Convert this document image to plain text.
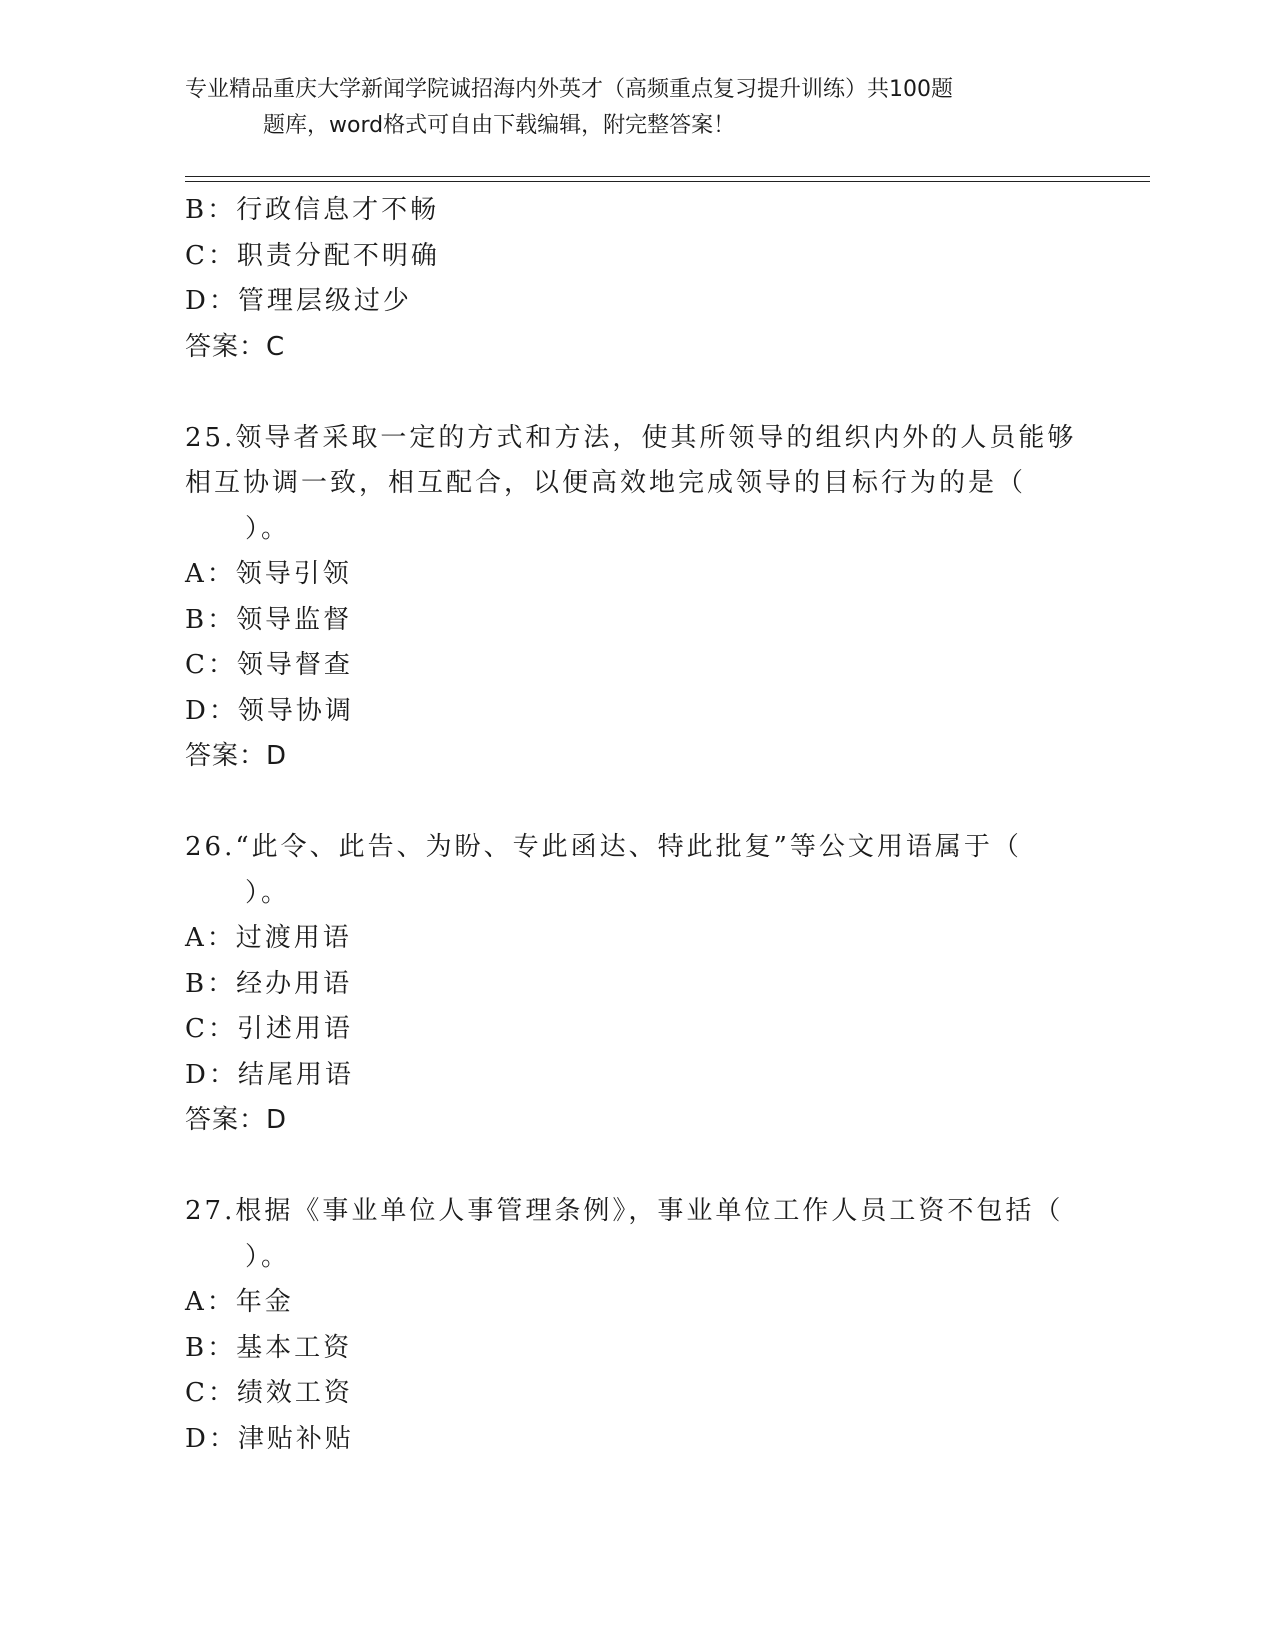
专业精品重庆大学新闻学院诚招海内外英才（高频重点复习提升训练）共100题
题库，word格式可自由下载编辑，附完整答案！
B：行政信息才不畅
C：职责分配不明确
D：管理层级过少
答案：C
25.领导者采取一定的方式和方法，使其所领导的组织内外的人员能够
相互协调一致，相互配合，以便高效地完成领导的目标行为的是（
）。
A：领导引领
B：领导监督
C：领导督查
D：领导协调
答案：D
26.“此令、此告、为盼、专此函达、特此批复”等公文用语属于（
）。
A：过渡用语
B：经办用语
C：引述用语
D：结尾用语
答案：D
27.根据《事业单位人事管理条例》，事业单位工作人员工资不包括（
）。
A：年金
B：基本工资
C：绩效工资
D：津贴补贴
